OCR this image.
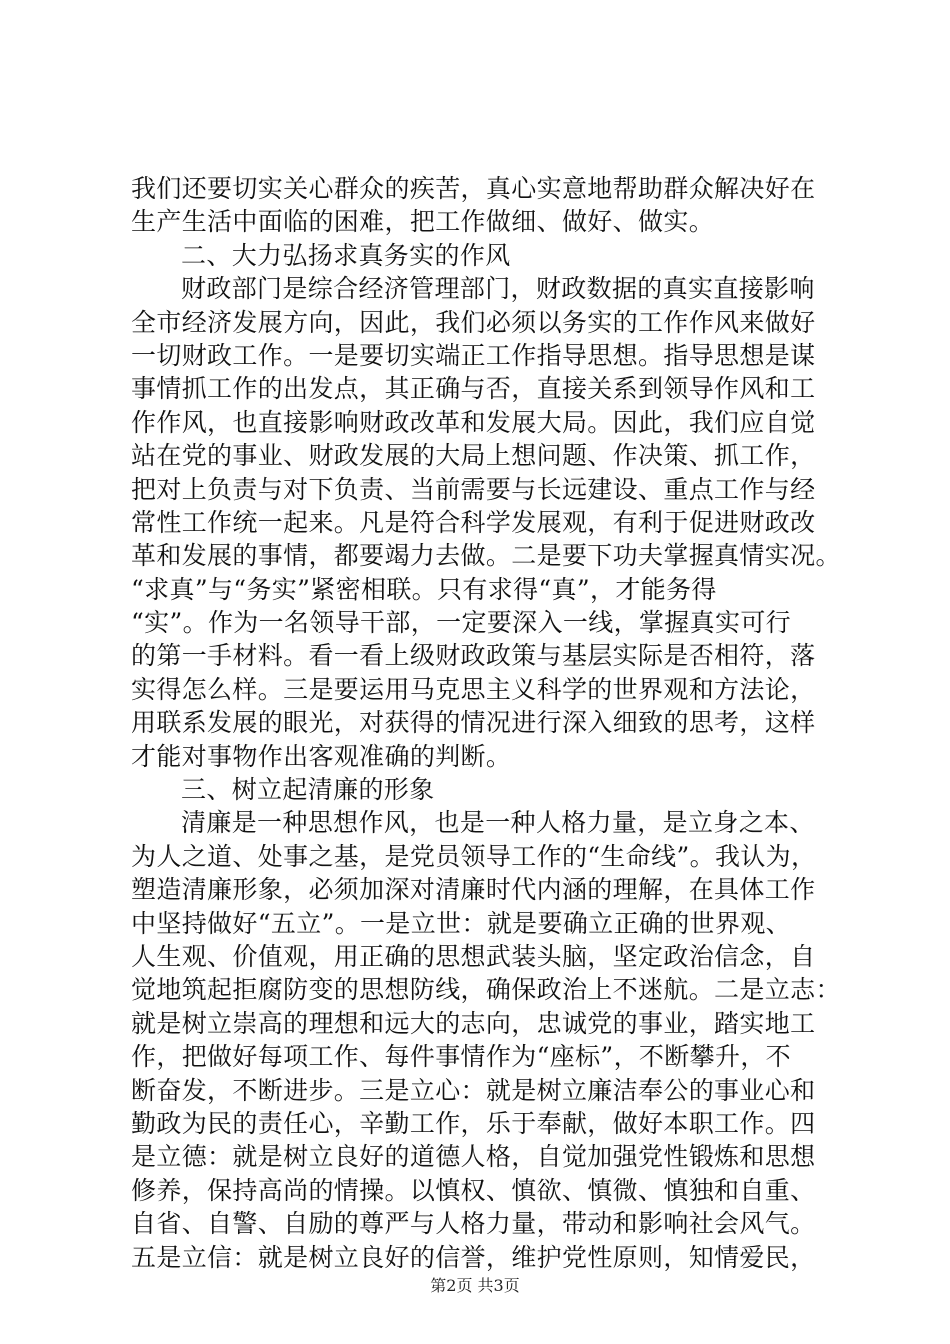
我们还要切实关心群众的疾苦，真心实意地帮助群众解决好在
生产生活中面临的困难，把工作做细、做好、做实。
二、大力弘扬求真务实的作风
财政部门是综合经济管理部门，财政数据的真实直接影响
全市经济发展方向，因此，我们必须以务实的工作作风来做好
一切财政工作。一是要切实端正工作指导思想。指导思想是谋
事情抓工作的出发点，其正确与否，直接关系到领导作风和工
作作风，也直接影响财政改革和发展大局。因此，我们应自觉
站在党的事业、财政发展的大局上想问题、作决策、抓工作，
把对上负责与对下负责、当前需要与长远建设、重点工作与经
常性工作统一起来。凡是符合科学发展观，有利于促进财政改
革和发展的事情，都要竭力去做。二是要下功夫掌握真情实况。
“求真”与“务实”紧密相联。只有求得“真”，才能务得
“实”。作为一名领导干部，一定要深入一线，掌握真实可行
的第一手材料。看一看上级财政政策与基层实际是否相符，落
实得怎么样。三是要运用马克思主义科学的世界观和方法论，
用联系发展的眼光，对获得的情况进行深入细致的思考，这样
才能对事物作出客观准确的判断。
三、树立起清廉的形象
清廉是一种思想作风，也是一种人格力量，是立身之本、
为人之道、处事之基，是党员领导工作的“生命线”。我认为，
塑造清廉形象，必须加深对清廉时代内涵的理解，在具体工作
中坚持做好“五立”。一是立世：就是要确立正确的世界观、
人生观、价值观，用正确的思想武装头脑，坚定政治信念，自
觉地筑起拒腐防变的思想防线，确保政治上不迷航。二是立志：
就是树立崇高的理想和远大的志向，忠诚党的事业，踏实地工
作，把做好每项工作、每件事情作为“座标”，不断攀升，不
断奋发，不断进步。三是立心：就是树立廉洁奉公的事业心和
勤政为民的责任心，辛勤工作，乐于奉献，做好本职工作。四
是立德：就是树立良好的道德人格，自觉加强党性锻炼和思想
修养，保持高尚的情操。以慎权、慎欲、慎微、慎独和自重、
自省、自警、自励的尊严与人格力量，带动和影响社会风气。
五是立信：就是树立良好的信誉，维护党性原则，知情爱民，
第2页 共3页
